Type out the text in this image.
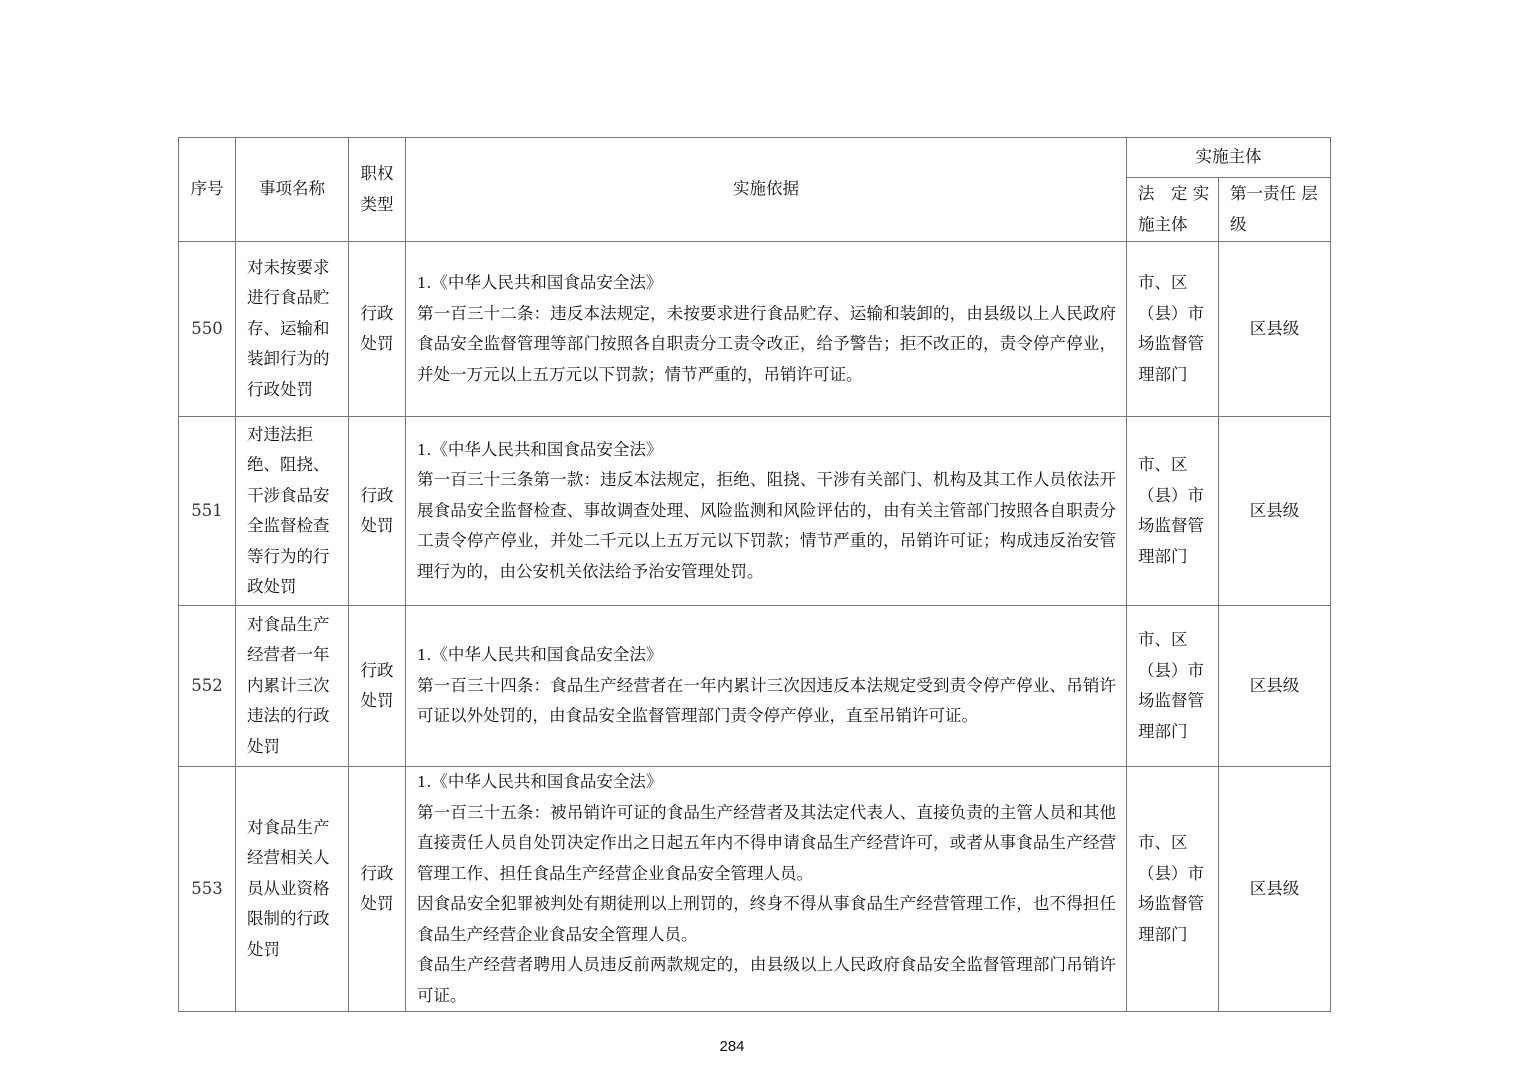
序号	事项名称	职权类型	实施依据	实施主体	
				法　定 实施主体	第一责任 层级
550	对未按要求进行食品贮存、运输和装卸行为的行政处罚	行政处罚	1.《中华人民共和国食品安全法》

第一百三十二条：违反本法规定，未按要求进行食品贮存、运输和装卸的，由县级以上人民政府食品安全监督管理等部门按照各自职责分工责令改正，给予警告；拒不改正的，责令停产停业，并处一万元以上五万元以下罚款；情节严重的，吊销许可证。	市、区（县）市场监督管理部门	区县级
551	对违法拒绝、阻挠、干涉食品安全监督检查等行为的行政处罚	行政处罚	1.《中华人民共和国食品安全法》

第一百三十三条第一款：违反本法规定，拒绝、阻挠、干涉有关部门、机构及其工作人员依法开展食品安全监督检查、事故调查处理、风险监测和风险评估的，由有关主管部门按照各自职责分工责令停产停业，并处二千元以上五万元以下罚款；情节严重的，吊销许可证；构成违反治安管理行为的，由公安机关依法给予治安管理处罚。	市、区（县）市场监督管理部门	区县级
552	对食品生产经营者一年内累计三次违法的行政处罚	行政处罚	1.《中华人民共和国食品安全法》

第一百三十四条：食品生产经营者在一年内累计三次因违反本法规定受到责令停产停业、吊销许可证以外处罚的，由食品安全监督管理部门责令停产停业，直至吊销许可证。	市、区（县）市场监督管理部门	区县级
553	对食品生产经营相关人员从业资格限制的行政处罚	行政处罚	1.《中华人民共和国食品安全法》

第一百三十五条：被吊销许可证的食品生产经营者及其法定代表人、直接负责的主管人员和其他直接责任人员自处罚决定作出之日起五年内不得申请食品生产经营许可，或者从事食品生产经营管理工作、担任食品生产经营企业食品安全管理人员。

因食品安全犯罪被判处有期徒刑以上刑罚的，终身不得从事食品生产经营管理工作，也不得担任食品生产经营企业食品安全管理人员。

食品生产经营者聘用人员违反前两款规定的，由县级以上人民政府食品安全监督管理部门吊销许可证。	市、区（县）市场监督管理部门	区县级
284
